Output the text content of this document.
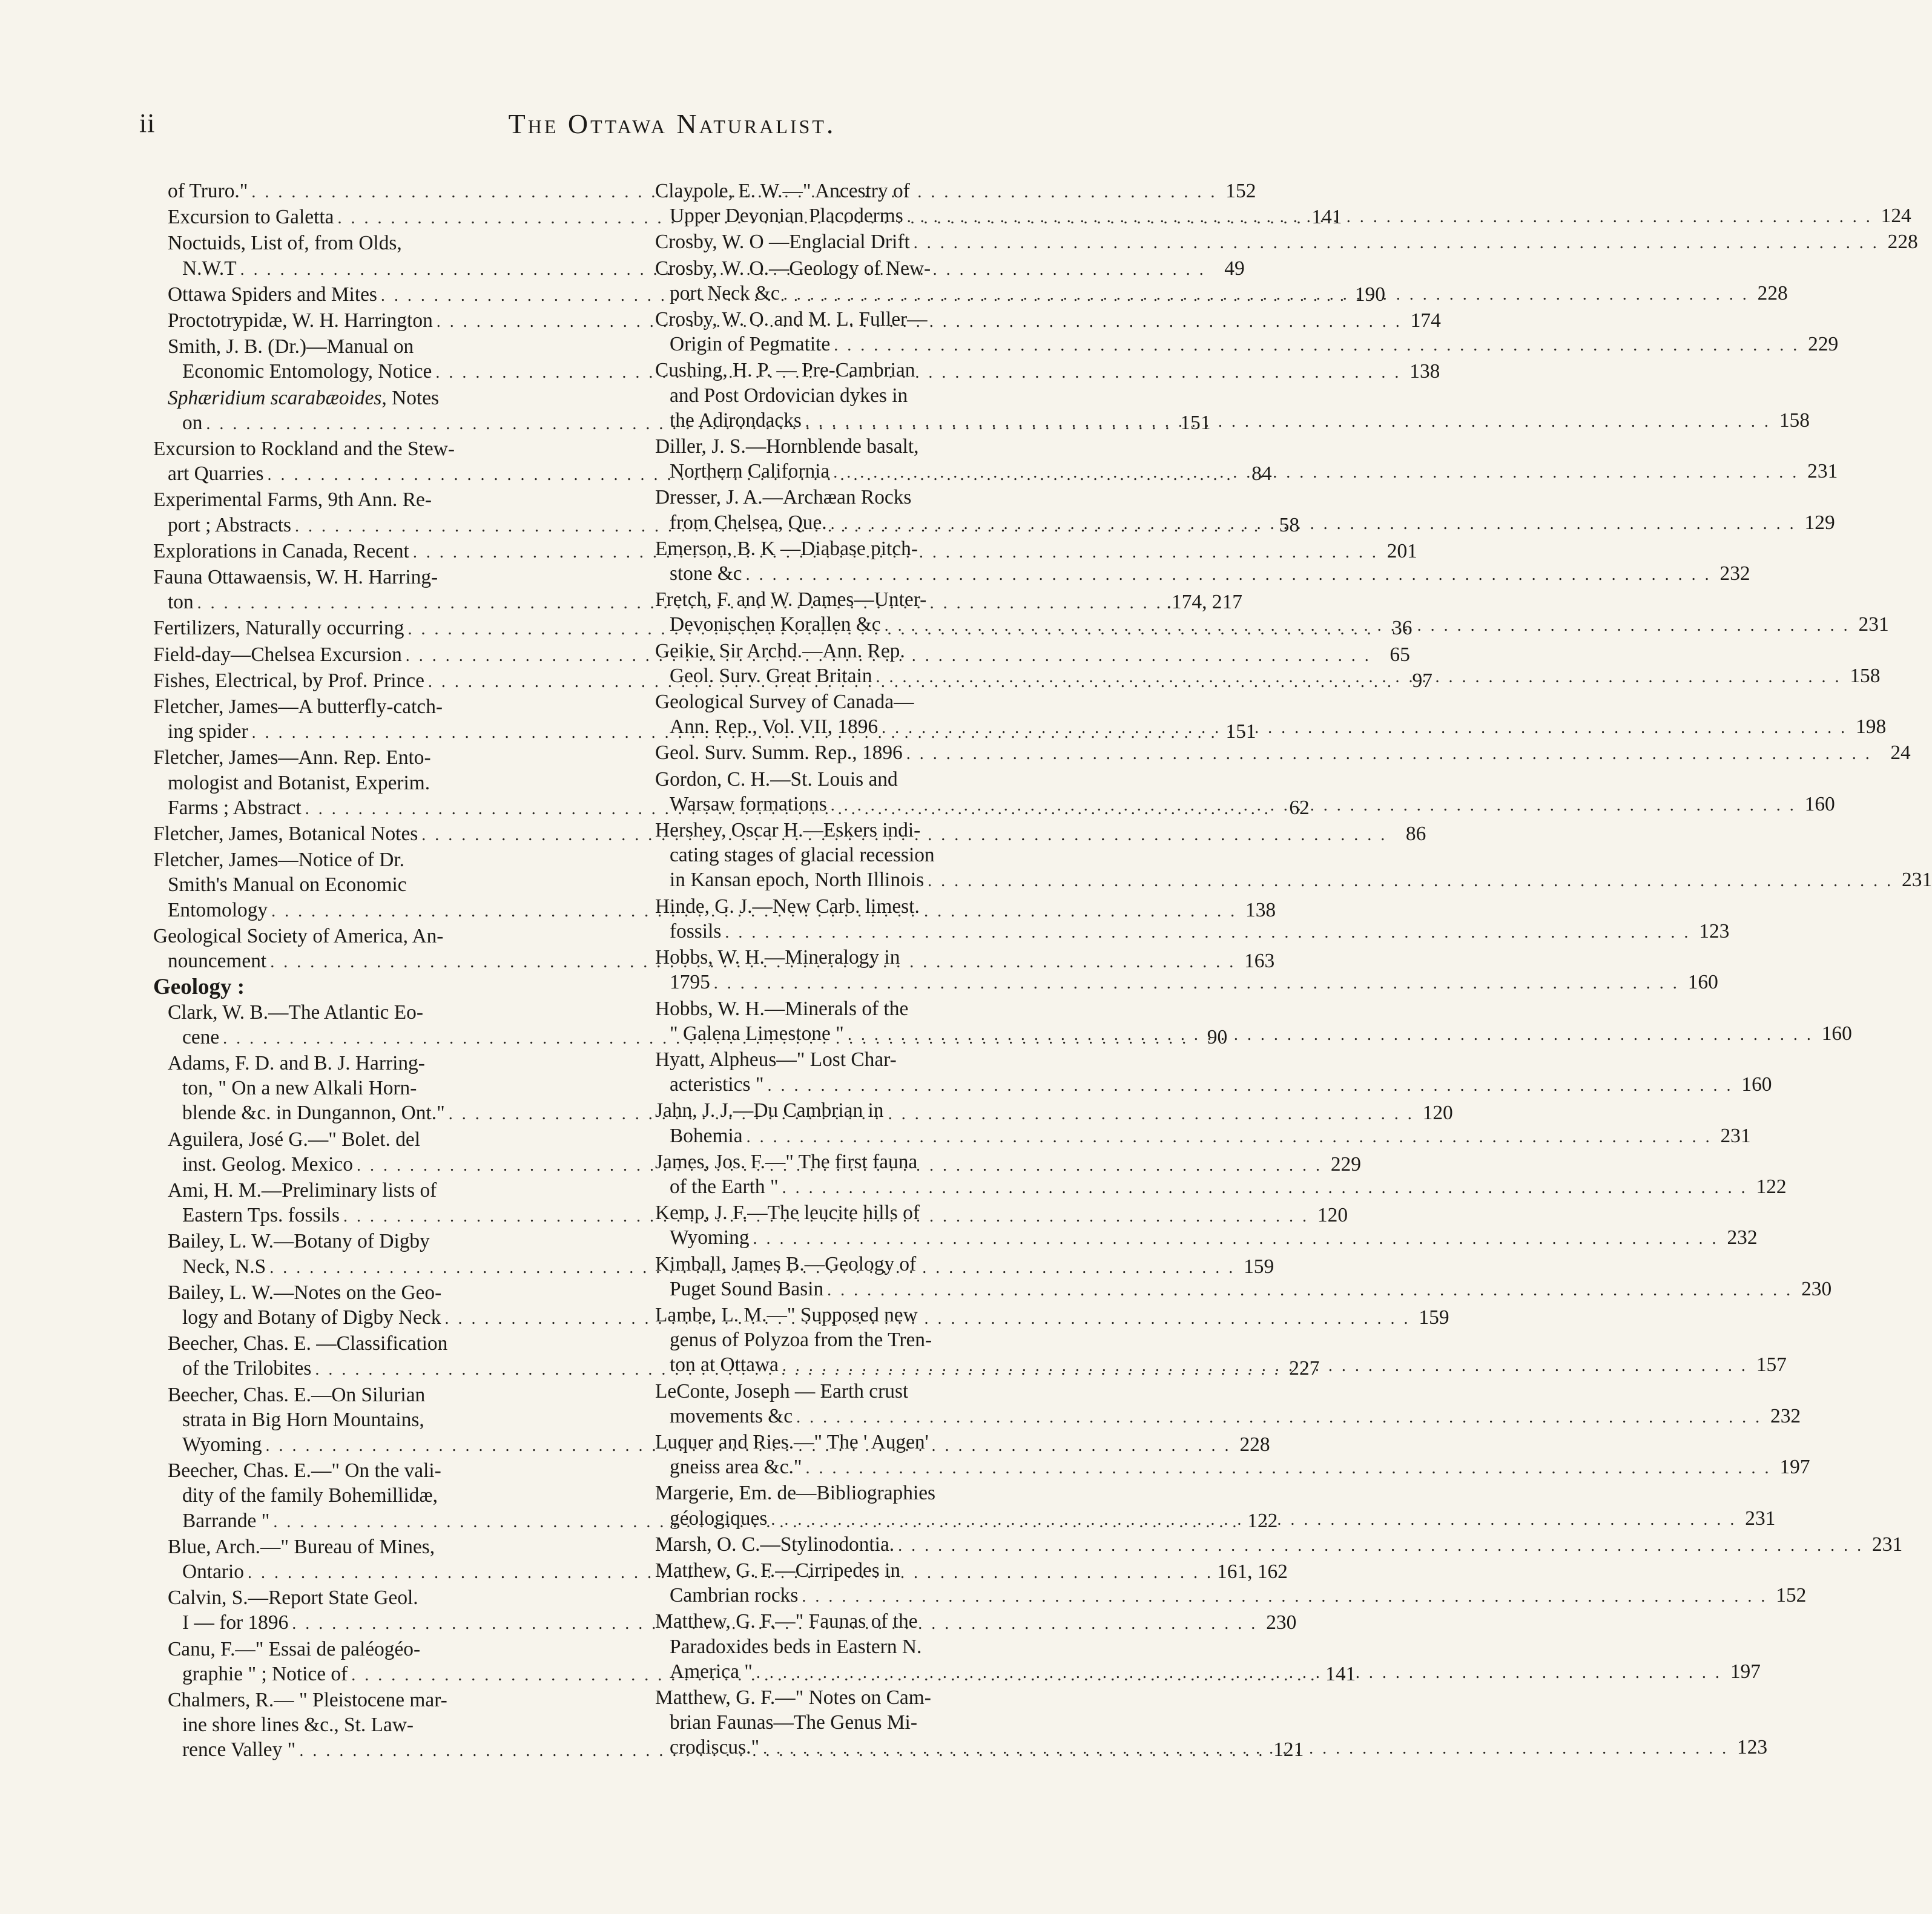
ii	The Ottawa Naturalist.
of Truro." . . .	152
Excursion to Galetta . . .	141
Noctuids, List of, from Olds,
N.W.T . . .	49
Ottawa Spiders and Mites . . .	190
Proctotrypidæ, W. H. Harrington . . .	174
Smith, J. B. (Dr.)—Manual on
Economic Entomology, Notice . . .	138
Sphæridium scarabæoides, Notes
on . . .	151
Excursion to Rockland and the Stew-
art Quarries . . .	84
Experimental Farms, 9th Ann. Re-
port ; Abstracts . . .	58
Explorations in Canada, Recent . . .	201
Fauna Ottawaensis, W. H. Harring-
ton . . .	.174, 217
Fertilizers, Naturally occurring . . .	36
Field-day—Chelsea Excursion . . .	65
Fishes, Electrical, by Prof. Prince . . .	97
Fletcher, James—A butterfly-catch-
ing spider . . .	151
Fletcher, James—Ann. Rep. Ento-
mologist and Botanist, Experim.
Farms ; Abstract . . .	62
Fletcher, James, Botanical Notes . . .	86
Fletcher, James—Notice of Dr.
Smith's Manual on Economic
Entomology . . .	138
Geological Society of America, An-
nouncement . . .	163
Geology :
Clark, W. B.—The Atlantic Eo-
cene . . .	90
Adams, F. D. and B. J. Harring-
ton, " On a new Alkali Horn-
blende &c. in Dungannon, Ont." . . .	120
Aguilera, José G.—" Bolet. del
inst. Geolog. Mexico . . .	229
Ami, H. M.—Preliminary lists of
Eastern Tps. fossils . . .	120
Bailey, L. W.—Botany of Digby
Neck, N.S . . .	159
Bailey, L. W.—Notes on the Geo-
logy and Botany of Digby Neck . . .	159
Beecher, Chas. E. —Classification
of the Trilobites . . .	227
Beecher, Chas. E.—On Silurian
strata in Big Horn Mountains,
Wyoming . . .	228
Beecher, Chas. E.—" On the vali-
dity of the family Bohemillidæ,
Barrande " . . .	122
Blue, Arch.—" Bureau of Mines,
Ontario . . .	161, 162
Calvin, S.—Report State Geol.
I — for 1896 . . .	230
Canu, F.—" Essai de paléogéo-
graphie " ; Notice of . . .	141
Chalmers, R.— " Pleistocene mar-
ine shore lines &c., St. Law-
rence Valley " . . .	121
Claypole, E. W.—" Ancestry of
Upper Devonian Placoderms . . .	124
Crosby, W. O —Englacial Drift . . .	228
Crosby, W. O.—Geology of New-
port Neck &c . . .	228
Crosby, W. O. and M. L. Fuller—
Origin of Pegmatite . . .	229
Cushing, H. P. — Pre-Cambrian
and Post Ordovician dykes in
the Adirondacks . . .	158
Diller, J. S.—Hornblende basalt,
Northern California . . .	231
Dresser, J. A.—Archæan Rocks
from Chelsea, Que. . . .	129
Emerson, B. K —Diabase pitch-
stone &c . . .	232
Fretch, F. and W. Dames—Unter-
Devonischen Korallen &c . . .	231
Geikie, Sir Archd.—Ann. Rep.
Geol. Surv. Great Britain . . .	158
Geological Survey of Canada—
Ann. Rep., Vol. VII, 1896 . . .	198
Geol. Surv. Summ. Rep., 1896 . . .	24
Gordon, C. H.—St. Louis and
Warsaw formations . . .	160
Hershey, Oscar H.—Eskers indi-
cating stages of glacial recession
in Kansan epoch, North Illinois . . .	231
Hinde, G. J.—New Carb. limest.
fossils . . .	123
Hobbs, W. H.—Mineralogy in
1795 . . .	160
Hobbs, W. H.—Minerals of the
" Galena Limestone " . . .	160
Hyatt, Alpheus—" Lost Char-
acteristics " . . .	160
Jahn, J. J.—Du Cambrian in
Bohemia . . .	231
James, Jos. F.—" The first fauna
of the Earth " . . .	122
Kemp, J. F.—The leucite hills of
Wyoming . . .	232
Kimball, James B.—Geology of
Puget Sound Basin . . .	230
Lambe, L. M.—" Supposed new
genus of Polyzoa from the Tren-
ton at Ottawa . . .	157
LeConte, Joseph — Earth crust
movements &c . . .	232
Luquer and Ries.—" The ' Augen'
gneiss area &c." . . .	197
Margerie, Em. de—Bibliographies
géologiques . . .	231
Marsh, O. C.—Stylinodontia. . . .	231
Matthew, G. F.—Cirripedes in
Cambrian rocks . . .	152
Matthew, G. F.—" Faunas of the
Paradoxides beds in Eastern N.
America " . . .	197
Matthew, G. F.—" Notes on Cam-
brian Faunas—The Genus Mi-
crodiscus." . . .	123
